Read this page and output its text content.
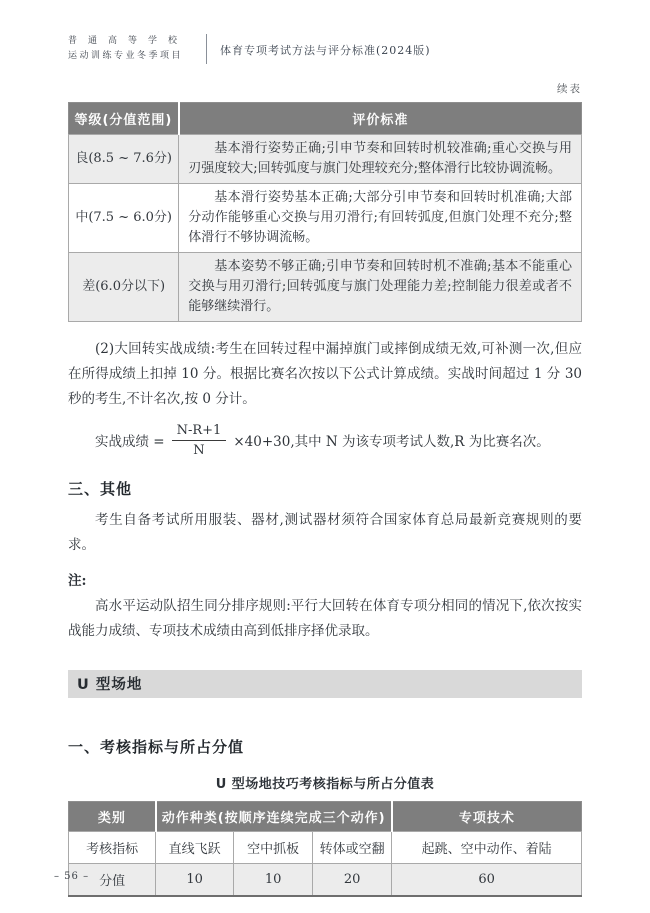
普通高等学校
运动训练专业冬季项目	体育专项考试方法与评分标准(2024版)
续表
等级(分值范围)	评价标准
良(8.5 ~ 7.6分)	基本滑行姿势正确;引申节奏和回转时机较准确;重心交换与用刃强度较大;回转弧度与旗门处理较充分;整体滑行比较协调流畅。
中(7.5 ~ 6.0分)	基本滑行姿势基本正确;大部分引申节奏和回转时机准确;大部分动作能够重心交换与用刃滑行;有回转弧度,但旗门处理不充分;整体滑行不够协调流畅。
差(6.0分以下)	基本姿势不够正确;引申节奏和回转时机不准确;基本不能重心交换与用刃滑行;回转弧度与旗门处理能力差;控制能力很差或者不能够继续滑行。
(2)大回转实战成绩:考生在回转过程中漏掉旗门或摔倒成绩无效,可补测一次,但应在所得成绩上扣掉 10 分。根据比赛名次按以下公式计算成绩。实战时间超过 1 分 30 秒的考生,不计名次,按 0 分计。
实战成绩 = $\frac{N-R+1}{N} \times 40+30$,其中 N 为该专项考试人数,R 为比赛名次。
三、其他
考生自备考试所用服装、器材,测试器材须符合国家体育总局最新竞赛规则的要求。
注:
高水平运动队招生同分排序规则:平行大回转在体育专项分相同的情况下,依次按实战能力成绩、专项技术成绩由高到低排序择优录取。
U 型场地
一、考核指标与所占分值
U 型场地技巧考核指标与所占分值表
类别	动作种类(按顺序连续完成三个动作)			专项技术
考核指标	直线飞跃	空中抓板	转体或空翻	起跳、空中动作、着陆
分值	10	10	20	60
– 56 –
